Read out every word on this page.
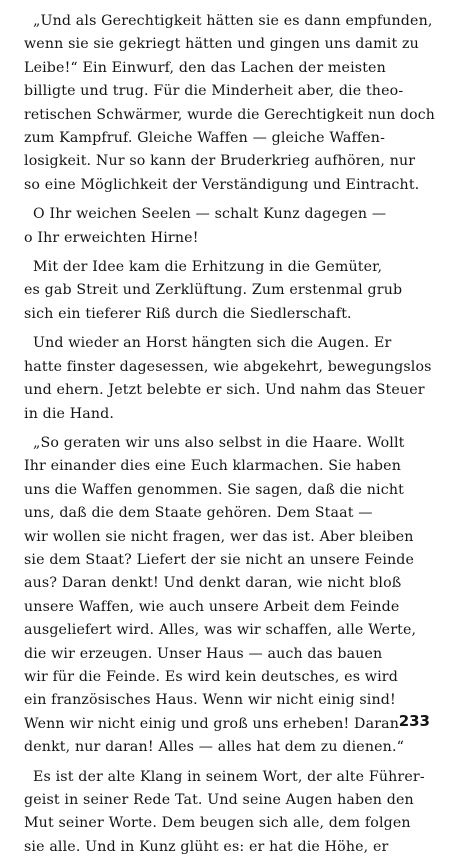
„Und als Gerechtigkeit hätten sie es dann empfunden,
wenn sie sie gekriegt hätten und gingen uns damit zu
Leibe!“ Ein Einwurf, den das Lachen der meisten
billigte und trug. Für die Minderheit aber, die theo-
retischen Schwärmer, wurde die Gerechtigkeit nun doch
zum Kampfruf. Gleiche Waffen — gleiche Waffen-
losigkeit. Nur so kann der Bruderkrieg aufhören, nur
so eine Möglichkeit der Verständigung und Eintracht.
O Ihr weichen Seelen — schalt Kunz dagegen —
o Ihr erweichten Hirne!
Mit der Idee kam die Erhitzung in die Gemüter,
es gab Streit und Zerklüftung. Zum erstenmal grub
sich ein tieferer Riß durch die Siedlerschaft.
Und wieder an Horst hängten sich die Augen. Er
hatte finster dagesessen, wie abgekehrt, bewegungslos
und ehern. Jetzt belebte er sich. Und nahm das Steuer
in die Hand.
„So geraten wir uns also selbst in die Haare. Wollt
Ihr einander dies eine Euch klarmachen. Sie haben
uns die Waffen genommen. Sie sagen, daß die nicht
uns, daß die dem Staate gehören. Dem Staat —
wir wollen sie nicht fragen, wer das ist. Aber bleiben
sie dem Staat? Liefert der sie nicht an unsere Feinde
aus? Daran denkt! Und denkt daran, wie nicht bloß
unsere Waffen, wie auch unsere Arbeit dem Feinde
ausgeliefert wird. Alles, was wir schaffen, alle Werte,
die wir erzeugen. Unser Haus — auch das bauen
wir für die Feinde. Es wird kein deutsches, es wird
ein französisches Haus. Wenn wir nicht einig sind!
Wenn wir nicht einig und groß uns erheben! Daran
denkt, nur daran! Alles — alles hat dem zu dienen.“
Es ist der alte Klang in seinem Wort, der alte Führer-
geist in seiner Rede Tat. Und seine Augen haben den
Mut seiner Worte. Dem beugen sich alle, dem folgen
sie alle. Und in Kunz glüht es: er hat die Höhe, er
233
